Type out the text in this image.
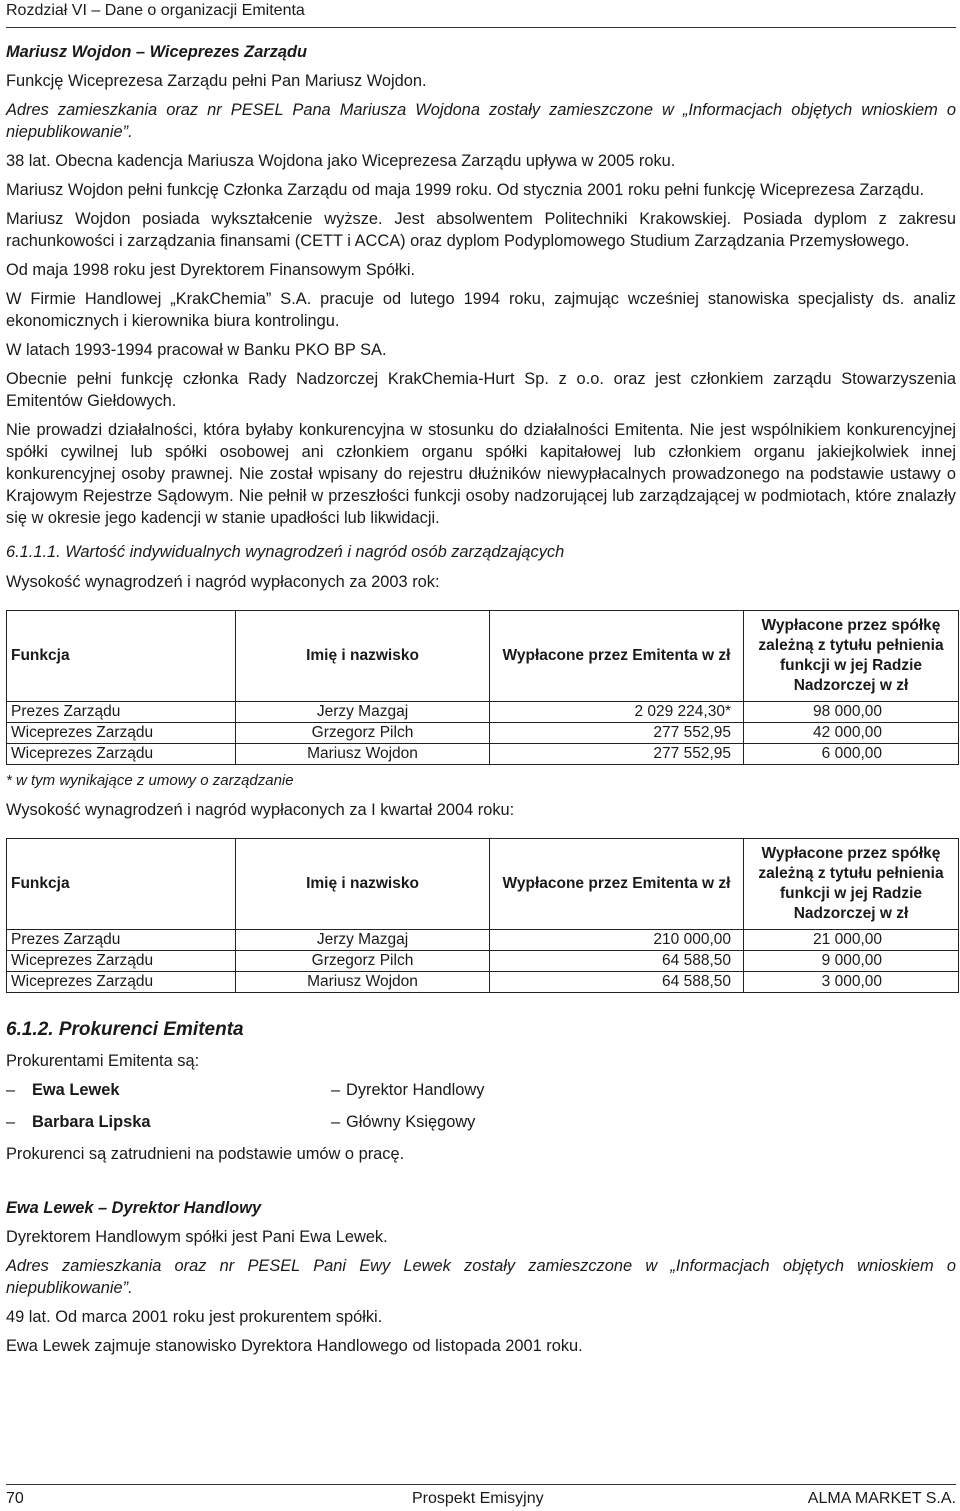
Rozdział VI – Dane o organizacji Emitenta

Mariusz Wojdon – Wiceprezes Zarządu

Funkcję Wiceprezesa Zarządu pełni Pan Mariusz Wojdon.

Adres zamieszkania oraz nr PESEL Pana Mariusza Wojdona zostały zamieszczone w „Informacjach objętych wnioskiem o niepublikowanie”.

38 lat. Obecna kadencja Mariusza Wojdona jako Wiceprezesa Zarządu upływa w 2005 roku.

Mariusz Wojdon pełni funkcję Członka Zarządu od maja 1999 roku. Od stycznia 2001 roku pełni funkcję Wiceprezesa Zarządu.

Mariusz Wojdon posiada wykształcenie wyższe. Jest absolwentem Politechniki Krakowskiej. Posiada dyplom z zakresu rachunkowości i zarządzania finansami (CETT i ACCA) oraz dyplom Podyplomowego Studium Zarządzania Przemysłowego.

Od maja 1998 roku jest Dyrektorem Finansowym Spółki.

W Firmie Handlowej „KrakChemia” S.A. pracuje od lutego 1994 roku, zajmując wcześniej stanowiska specjalisty ds. analiz ekonomicznych i kierownika biura kontrolingu.

W latach 1993-1994 pracował w Banku PKO BP SA.

Obecnie pełni funkcję członka Rady Nadzorczej KrakChemia-Hurt Sp. z o.o. oraz jest członkiem zarządu Stowarzyszenia Emitentów Giełdowych.

Nie prowadzi działalności, która byłaby konkurencyjna w stosunku do działalności Emitenta. Nie jest wspólnikiem konkurencyjnej spółki cywilnej lub spółki osobowej ani członkiem organu spółki kapitałowej lub członkiem organu jakiejkolwiek innej konkurencyjnej osoby prawnej. Nie został wpisany do rejestru dłużników niewypłacalnych prowadzonego na podstawie ustawy o Krajowym Rejestrze Sądowym. Nie pełnił w przeszłości funkcji osoby nadzorującej lub zarządzającej w podmiotach, które znalazły się w okresie jego kadencji w stanie upadłości lub likwidacji.

6.1.1.1. Wartość indywidualnych wynagrodzeń i nagród osób zarządzających

Wysokość wynagrodzeń i nagród wypłaconych za 2003 rok:

Funkcja	Imię i nazwisko	Wypłacone przez Emitenta w zł	Wypłacone przez spółkę zależną z tytułu pełnienia funkcji w jej Radzie Nadzorczej w zł
Prezes Zarządu	Jerzy Mazgaj	2 029 224,30*	98 000,00
Wiceprezes Zarządu	Grzegorz Pilch	277 552,95	42 000,00
Wiceprezes Zarządu	Mariusz Wojdon	277 552,95	6 000,00

* w tym wynikające z umowy o zarządzanie

Wysokość wynagrodzeń i nagród wypłaconych za I kwartał 2004 roku:

Funkcja	Imię i nazwisko	Wypłacone przez Emitenta w zł	Wypłacone przez spółkę zależną z tytułu pełnienia funkcji w jej Radzie Nadzorczej w zł
Prezes Zarządu	Jerzy Mazgaj	210 000,00	21 000,00
Wiceprezes Zarządu	Grzegorz Pilch	64 588,50	9 000,00
Wiceprezes Zarządu	Mariusz Wojdon	64 588,50	3 000,00

6.1.2. Prokurenci Emitenta

Prokurentami Emitenta są:

– Ewa Lewek	– Dyrektor Handlowy
– Barbara Lipska	– Główny Księgowy

Prokurenci są zatrudnieni na podstawie umów o pracę.

Ewa Lewek – Dyrektor Handlowy

Dyrektorem Handlowym spółki jest Pani Ewa Lewek.

Adres zamieszkania oraz nr PESEL Pani Ewy Lewek zostały zamieszczone w „Informacjach objętych wnioskiem o niepublikowanie”.

49 lat. Od marca 2001 roku jest prokurentem spółki.

Ewa Lewek zajmuje stanowisko Dyrektora Handlowego od listopada 2001 roku.

70	Prospekt Emisyjny	ALMA MARKET S.A.
